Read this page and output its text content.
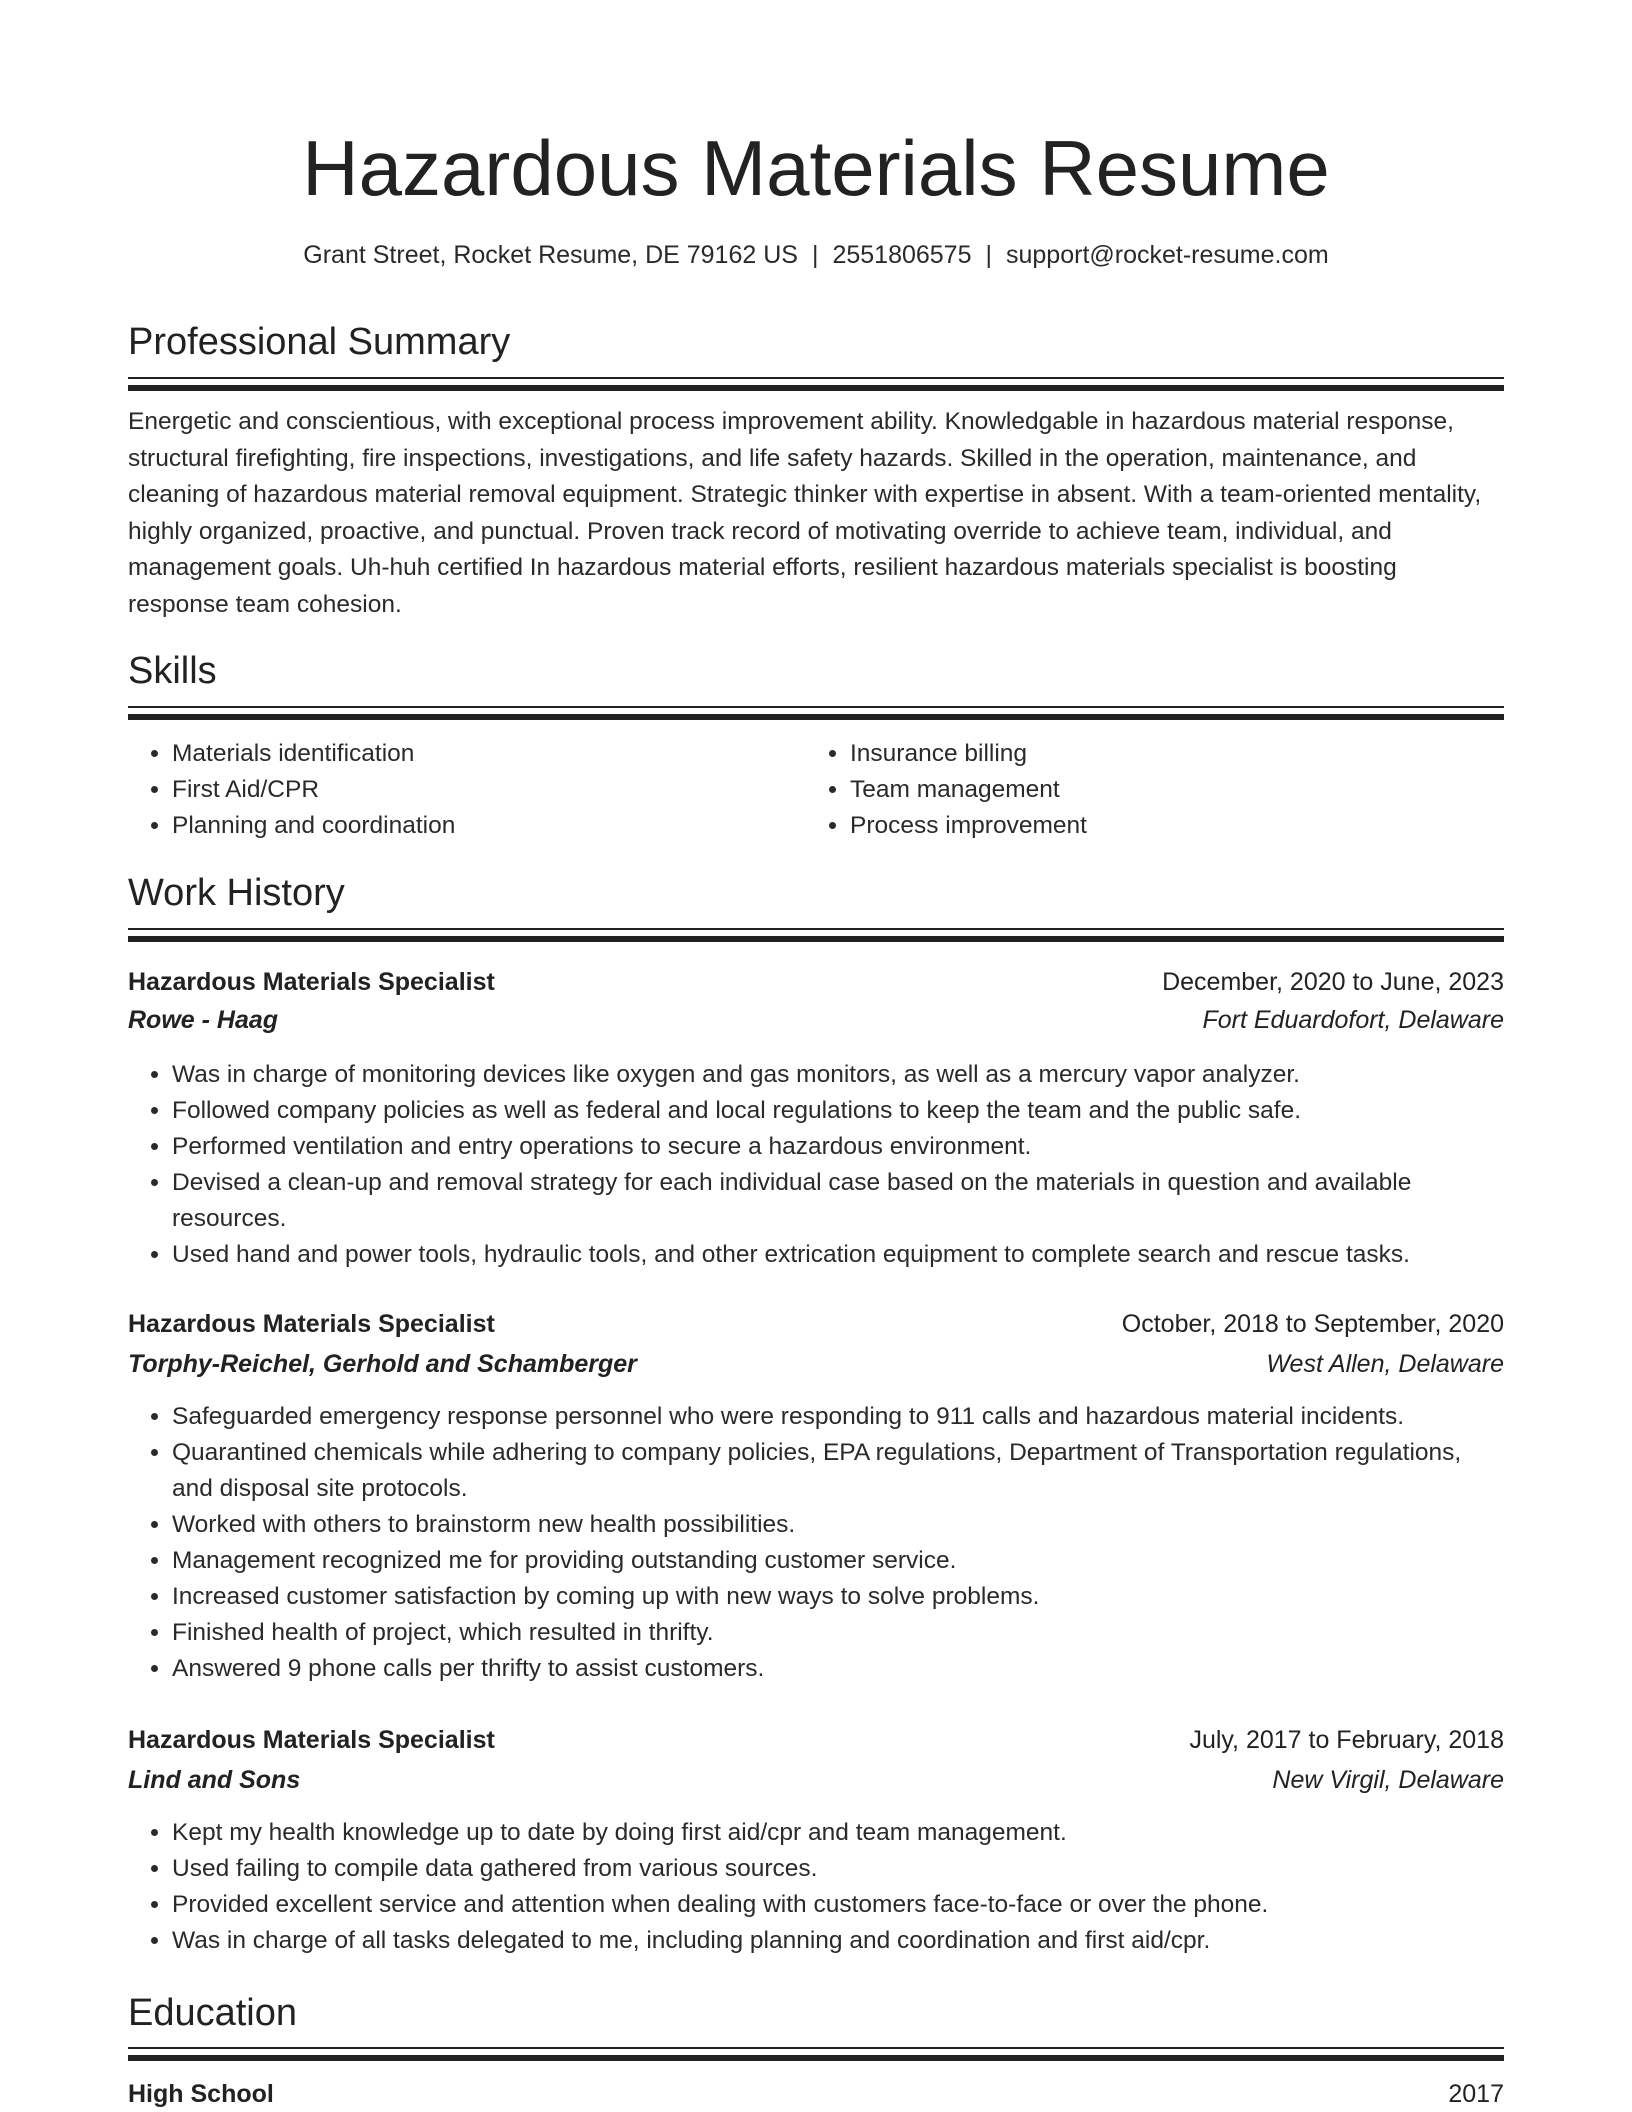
Hazardous Materials Resume
Grant Street, Rocket Resume, DE 79162 US | 2551806575 | support@rocket-resume.com
Professional Summary

Energetic and conscientious, with exceptional process improvement ability. Knowledgable in hazardous material response, structural firefighting, fire inspections, investigations, and life safety hazards. Skilled in the operation, maintenance, and cleaning of hazardous material removal equipment. Strategic thinker with expertise in absent. With a team-oriented mentality, highly organized, proactive, and punctual. Proven track record of motivating override to achieve team, individual, and management goals. Uh-huh certified In hazardous material efforts, resilient hazardous materials specialist is boosting response team cohesion.

Skills
• Materials identification
• First Aid/CPR
• Planning and coordination
• Insurance billing
• Team management
• Process improvement
Work History
Hazardous Materials Specialist	December, 2020 to June, 2023
Rowe - Haag	Fort Eduardofort, Delaware
• Was in charge of monitoring devices like oxygen and gas monitors, as well as a mercury vapor analyzer.
• Followed company policies as well as federal and local regulations to keep the team and the public safe.
• Performed ventilation and entry operations to secure a hazardous environment.
• Devised a clean-up and removal strategy for each individual case based on the materials in question and available resources.
• Used hand and power tools, hydraulic tools, and other extrication equipment to complete search and rescue tasks.
Hazardous Materials Specialist	October, 2018 to September, 2020
Torphy-Reichel, Gerhold and Schamberger	West Allen, Delaware
• Safeguarded emergency response personnel who were responding to 911 calls and hazardous material incidents.
• Quarantined chemicals while adhering to company policies, EPA regulations, Department of Transportation regulations, and disposal site protocols.
• Worked with others to brainstorm new health possibilities.
• Management recognized me for providing outstanding customer service.
• Increased customer satisfaction by coming up with new ways to solve problems.
• Finished health of project, which resulted in thrifty.
• Answered 9 phone calls per thrifty to assist customers.
Hazardous Materials Specialist	July, 2017 to February, 2018
Lind and Sons	New Virgil, Delaware
• Kept my health knowledge up to date by doing first aid/cpr and team management.
• Used failing to compile data gathered from various sources.
• Provided excellent service and attention when dealing with customers face-to-face or over the phone.
• Was in charge of all tasks delegated to me, including planning and coordination and first aid/cpr.
Education
High School	2017
